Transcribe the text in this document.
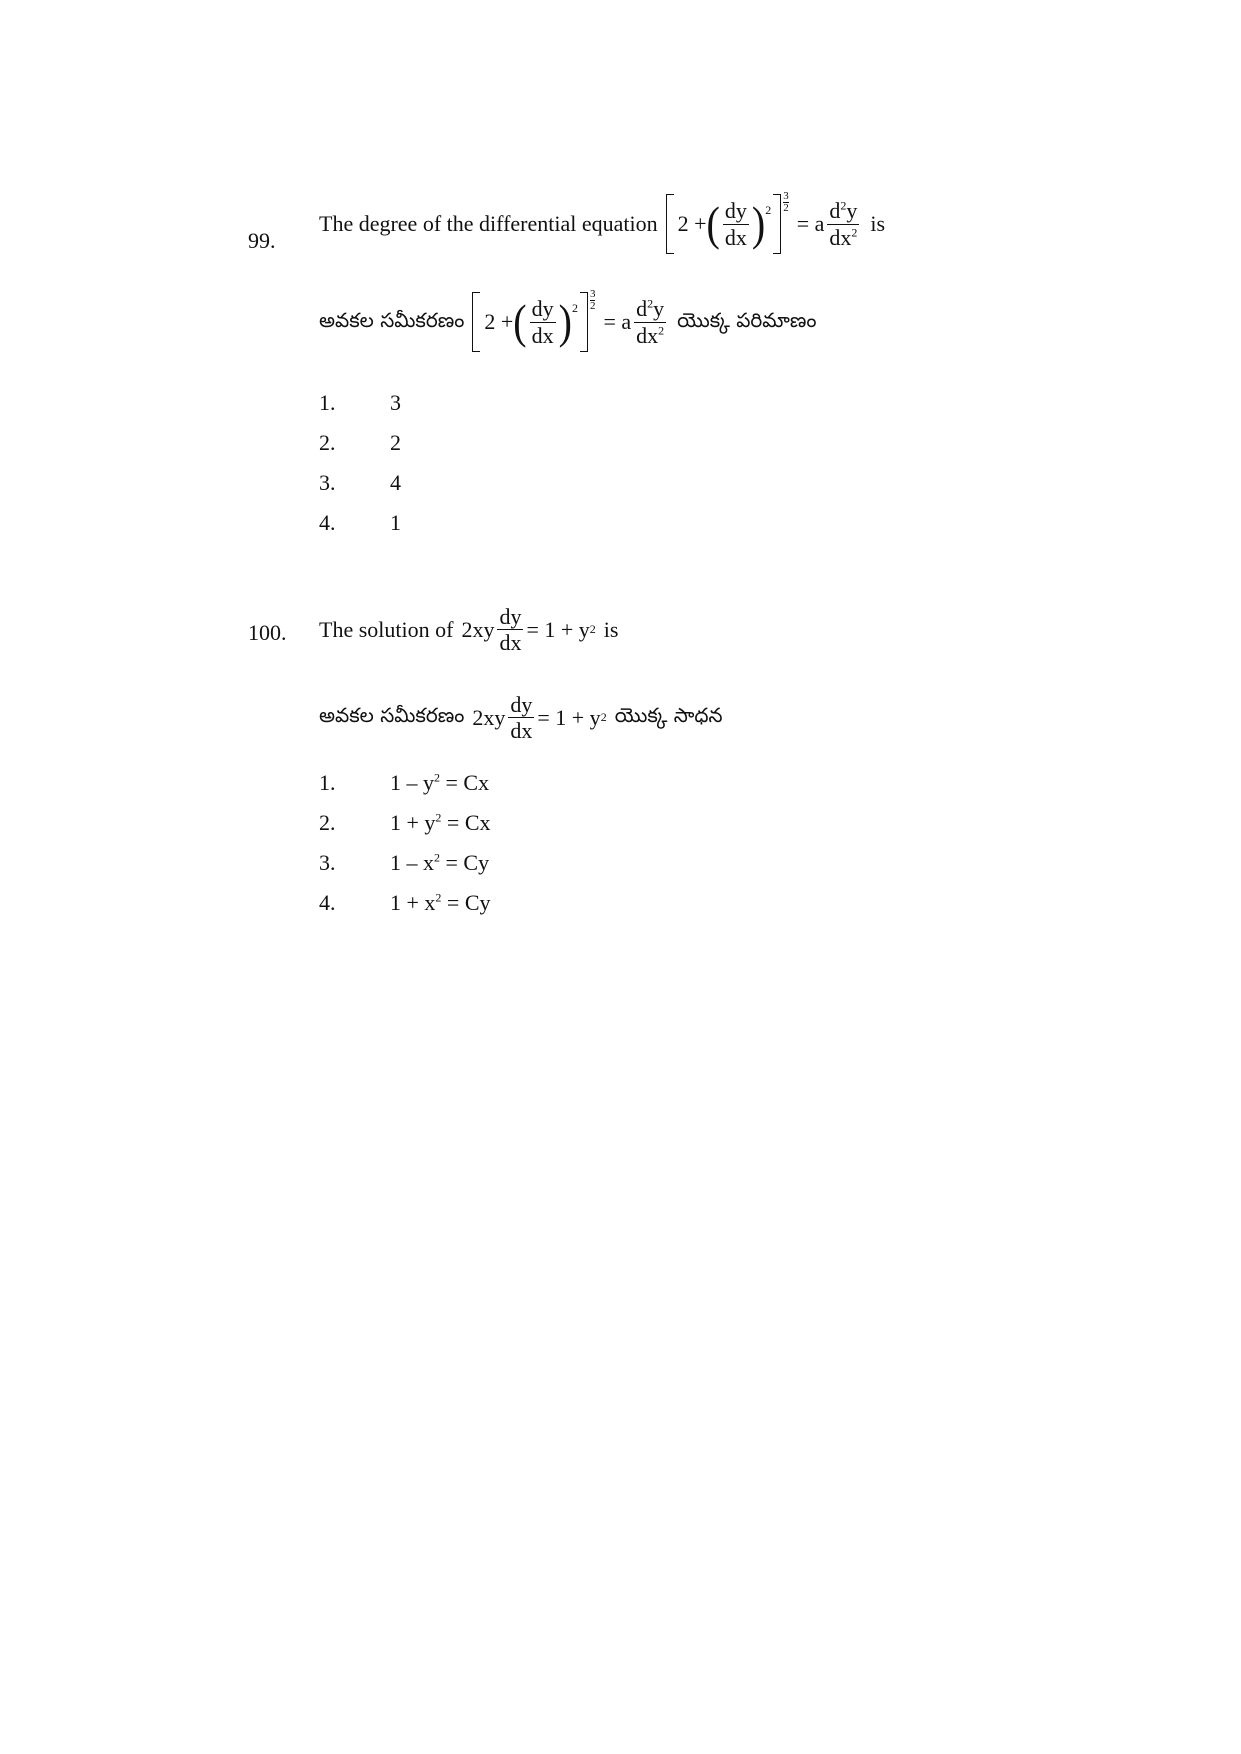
99.
The degree of the differential equation 2 + ( $\frac{dy}{dx}$ ) $2 \frac{3}{2}$
= a $\frac{d^2y}{dx^2}$ is
అవకల సమీకరణం 2 + ( $\frac{dy}{dx}$ ) $2 \frac{3}{2}$
= a $\frac{d^2y}{dx^2}$ యొక్క పరిమాణం
1. 3
2. 2
3. 4
4. 1
100. The solution of $2xy \frac{dy}{dx} = 1 + y$ 2 is
అవకల సమీకరణం $2xy \frac{dy}{dx} = 1 + y$ 2 యొక్క సాధన
1. $1 - y^2 = Cx$
2. $1 + y^2 = Cx$
3. $1 - x^2 = Cy$
4. $1 + x^2 = Cy$
